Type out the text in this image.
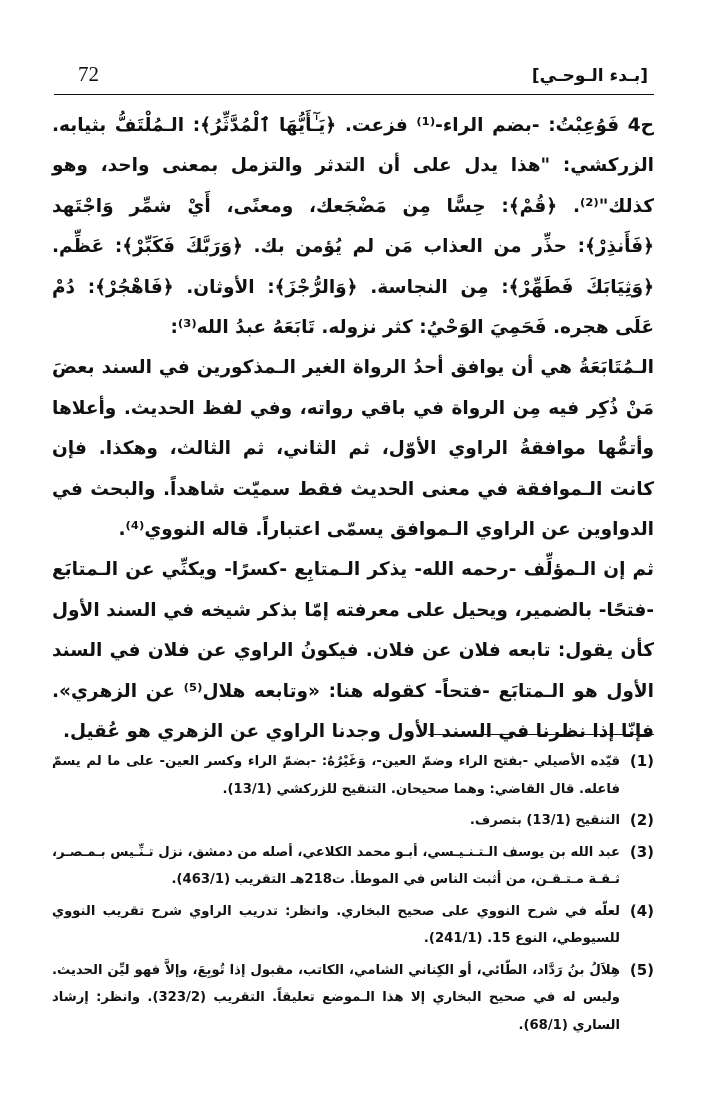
72	[بـدء الـوحـي]

ح4 فَوُعِبْتُ: -بضم الراء-⁽¹⁾ فزعت. ﴿يَـٰٓأَيُّهَا ٱلْمُدَّثِّرُ﴾: الـمُلْتَفُّ بثيابه. الزركشي: "هذا يدل على أن التدثر والتزمل بمعنى واحد، وهو كذلك"⁽²⁾. ﴿قُمْ﴾: حِسًّا مِن مَضْجَعك، ومعنًى، أَيْ شمِّر وَاجْتَهد ﴿فَأَنذِرْ﴾: حذِّر من العذاب مَن لم يُؤمن بك. ﴿وَرَبَّكَ فَكَبِّرْ﴾: عَظِّم. ﴿وَثِيَابَكَ فَطَهِّرْ﴾: مِن النجاسة. ﴿وَالرُّجْزَ﴾: الأوثان. ﴿فَاهْجُرْ﴾: دُمْ عَلَى هجره. فَحَمِيَ الوَحْيُ: كثر نزوله. تَابَعَهُ عبدُ الله⁽³⁾:

الـمُتَابَعَةُ هي أن يوافق أحدُ الرواة الغير الـمذكورين في السند بعضَ مَنْ ذُكِر فيه مِن الرواة في باقي رواته، وفي لفظ الحديث. وأعلاها وأتمُّها موافقةُ الراوي الأوّل، ثم الثاني، ثم الثالث، وهكذا. فإن كانت الـموافقة في معنى الحديث فقط سميّت شاهداً. والبحث في الدواوين عن الراوي الـموافق يسمّى اعتباراً. قاله النووي⁽⁴⁾.

ثم إن الـمؤلِّف -رحمه الله- يذكر الـمتابِع -كسرًا- ويكنِّي عن الـمتابَع -فتحًا- بالضمير، ويحيل على معرفته إمّا بذكر شيخه في السند الأول كأن يقول: تابعه فلان عن فلان. فيكونُ الراوي عن فلان في السند الأول هو الـمتابَع -فتحاً- كقوله هنا: «وتابعه هلال⁽⁵⁾ عن الزهري». فإنّا إذا نظرنا في السند الأول وجدنا الراوي عن الزهري هو عُقيل.

(1)
قيّده الأصيلي -بفتح الراء وضمّ العين-، وَغَيْرُهُ: -بضمّ الراء وكسر العين- على ما لم يسمّ فاعله. قال القاضي: وهما صحيحان. التنقيح للزركشي (13/1).
(2)
التنقيح (13/1) بتصرف.
(3)
عبد الله بن يوسف الـتـنـيـسي، أبـو محمد الكلاعي، أصله من دمشق، نزل تـنِّـيس بـمـصـر، ثـقـة مـتـقـن، من أثبت الناس في الموطأ. ت218هـ التقريب (463/1).
(4)
لعلّه في شرح النووي على صحيح البخاري. وانظر: تدريب الراوي شرح تقريب النووي للسيوطي، النوع 15. (241/1).
(5)
هِلاَلُ بنُ رَدَّاد، الطّائي، أو الكِناني الشامي، الكاتب، مقبول إذا تُوبِعَ، وإلاَّ فهو ليِّن الحديث. وليس له في صحيح البخاري إلا هذا الـموضع تعليقاً. التقريب (323/2). وانظر: إرشاد الساري (68/1).
